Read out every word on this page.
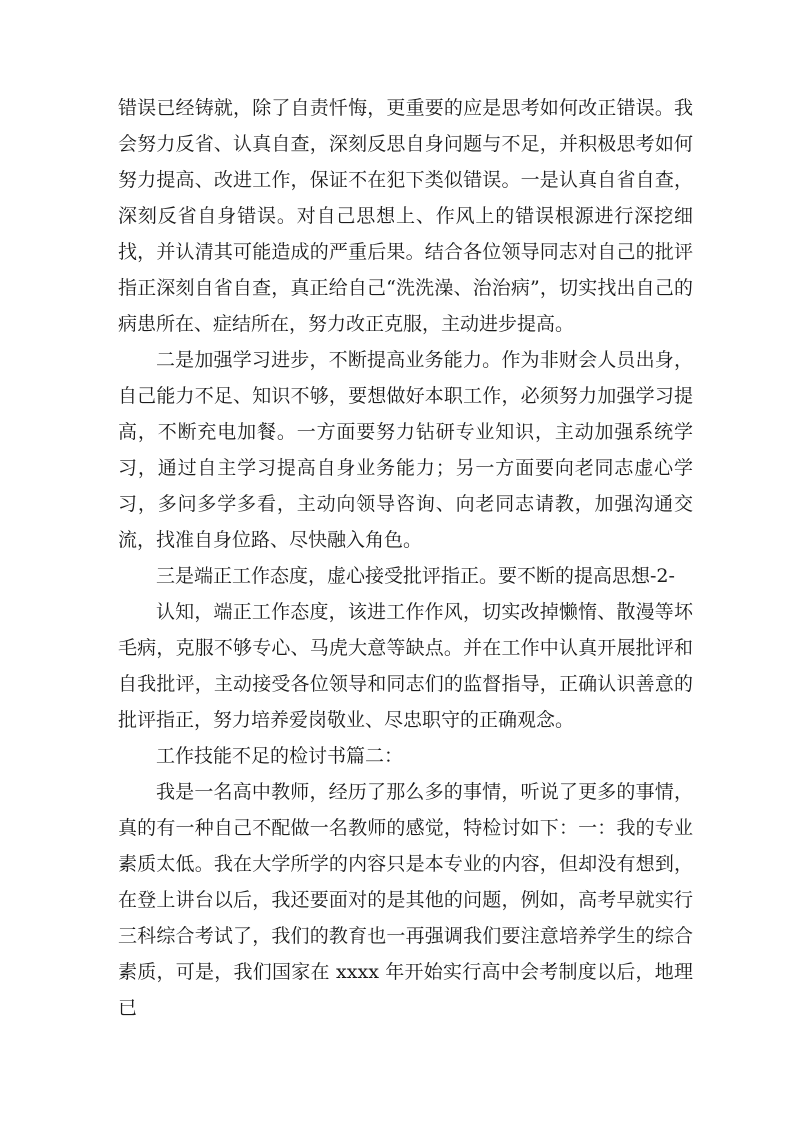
错误已经铸就，除了自责忏悔，更重要的应是思考如何改正错误。我会努力反省、认真自查，深刻反思自身问题与不足，并积极思考如何努力提高、改进工作，保证不在犯下类似错误。一是认真自省自查，深刻反省自身错误。对自己思想上、作风上的错误根源进行深挖细找，并认清其可能造成的严重后果。结合各位领导同志对自己的批评指正深刻自省自查，真正给自己“洗洗澡、治治病”，切实找出自己的病患所在、症结所在，努力改正克服，主动进步提高。

二是加强学习进步，不断提高业务能力。作为非财会人员出身，自己能力不足、知识不够，要想做好本职工作，必须努力加强学习提高，不断充电加餐。一方面要努力钻研专业知识，主动加强系统学习，通过自主学习提高自身业务能力；另一方面要向老同志虚心学习，多问多学多看，主动向领导咨询、向老同志请教，加强沟通交流，找准自身位路、尽快融入角色。

三是端正工作态度，虚心接受批评指正。要不断的提高思想-2-

认知，端正工作态度，该进工作作风，切实改掉懒惰、散漫等坏毛病，克服不够专心、马虎大意等缺点。并在工作中认真开展批评和自我批评，主动接受各位领导和同志们的监督指导，正确认识善意的批评指正，努力培养爱岗敬业、尽忠职守的正确观念。

工作技能不足的检讨书篇二：

我是一名高中教师，经历了那么多的事情，听说了更多的事情，真的有一种自己不配做一名教师的感觉，特检讨如下：一：我的专业素质太低。我在大学所学的内容只是本专业的内容，但却没有想到，在登上讲台以后，我还要面对的是其他的问题，例如，高考早就实行三科综合考试了，我们的教育也一再强调我们要注意培养学生的综合素质，可是，我们国家在 xxxx 年开始实行高中会考制度以后，地理已
